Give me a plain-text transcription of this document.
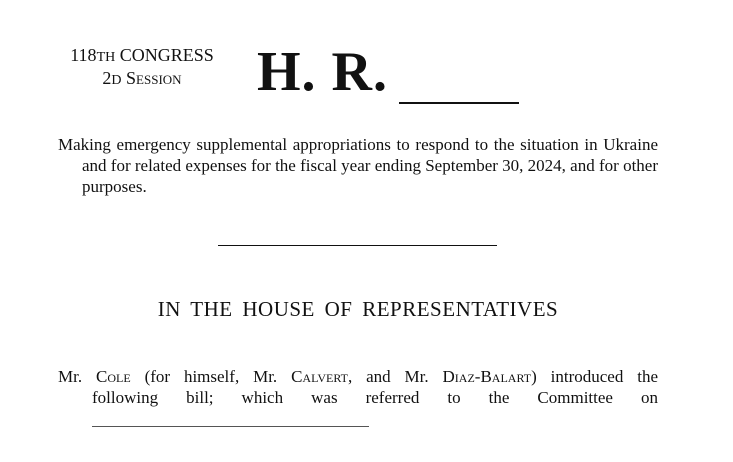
118TH CONGRESS
2D Session	H. R.

Making emergency supplemental appropriations to respond to the situation in Ukraine and for related expenses for the fiscal year ending September 30, 2024, and for other purposes.

IN THE HOUSE OF REPRESENTATIVES
Mr. Cole (for himself, Mr. Calvert, and Mr. Diaz-Balart) introduced the
following bill; which was referred to the Committee on
